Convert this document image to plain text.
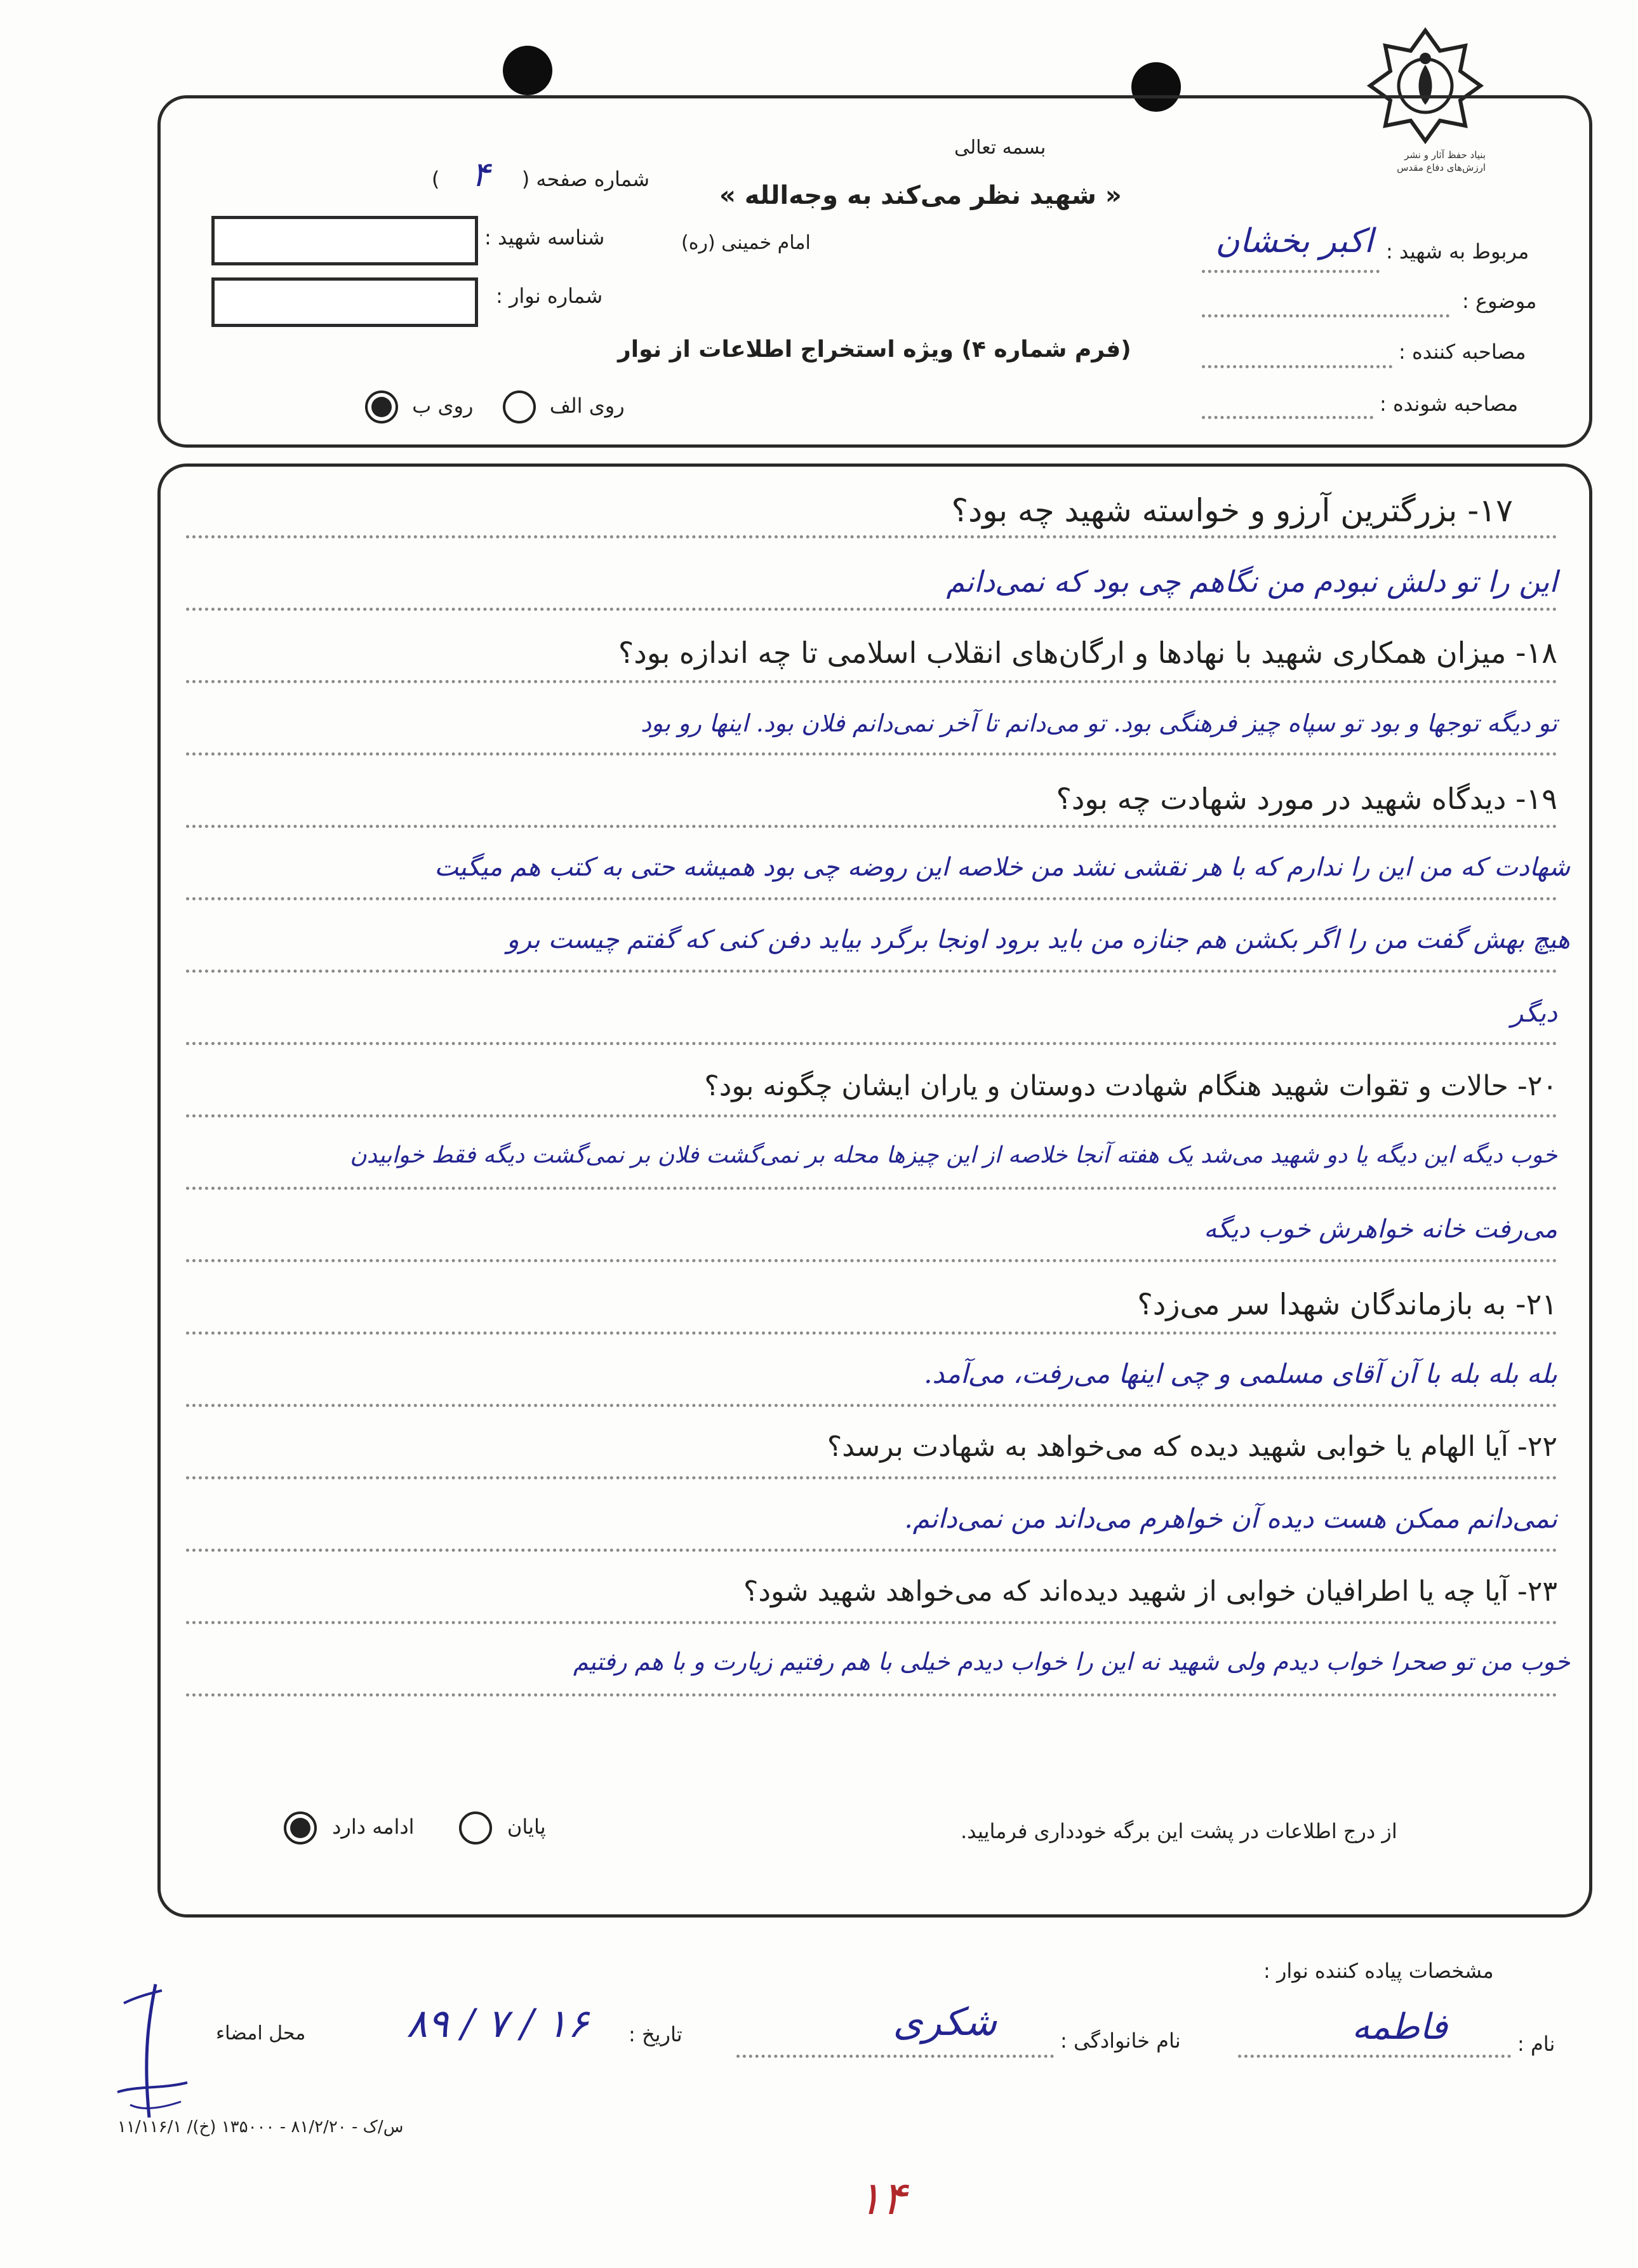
بنیاد حفظ آثار و نشر ارزش‌های دفاع مقدس
بسمه تعالی
« شهید نظر می‌کند به وجه‌الله »
امام خمینی (ره)
شماره صفحه ( ۴ )
شناسه شهید :
شماره نوار :
(فرم شماره ۴) ویژه استخراج اطلاعات از نوار
روی الف  روی ب
مربوط به شهید :
اکبر بخشان
موضوع :
مصاحبه کننده :
مصاحبه شونده :
۱۷- بزرگترین آرزو و خواسته شهید چه بود؟
این را تو دلش نبودم من نگاهم چی بود که نمی‌دانم
۱۸- میزان همکاری شهید با نهادها و ارگان‌های انقلاب اسلامی تا چه اندازه بود؟
تو دیگه توجها و بود تو سپاه چیز فرهنگی بود. تو می‌دانم تا آخر نمی‌دانم فلان بود. اینها رو بود
۱۹- دیدگاه شهید در مورد شهادت چه بود؟
شهادت که من این را ندارم که با هر نقشی نشد من خلاصه این روضه چی بود همیشه حتی به کتب هم میگیت
هیچ بهش گفت من را اگر بکشن هم جنازه من باید برود اونجا برگرد بیاید دفن کنی که گفتم چیست برو
دیگر
۲۰- حالات و تقوات شهید هنگام شهادت دوستان و یاران ایشان چگونه بود؟
خوب دیگه این دیگه یا دو شهید می‌شد یک هفته آنجا خلاصه از این چیزها محله بر نمی‌گشت فلان بر نمی‌گشت دیگه فقط خوابیدن
می‌رفت خانه خواهرش خوب دیگه
۲۱- به بازماندگان شهدا سر می‌زد؟
بله بله بله با آن آقای مسلمی و چی اینها می‌رفت، می‌آمد.
۲۲- آیا الهام یا خوابی شهید دیده که می‌خواهد به شهادت برسد؟
نمی‌دانم ممکن هست دیده آن خواهرم می‌داند من نمی‌دانم.
۲۳- آیا چه یا اطرافیان خوابی از شهید دیده‌اند که می‌خواهد شهید شود؟
خوب من تو صحرا خواب دیدم ولی شهید نه این را خواب دیدم خیلی با هم رفتیم زیارت و با هم رفتیم
از درج اطلاعات در پشت این برگه خودداری فرمایید.
پایان  ادامه دارد
مشخصات پیاده کننده نوار :
نام :
فاطمه
نام خانوادگی :
شکری
تاریخ :
۸۹ / ۷ / ۱۶
محل امضاء
۱۱/۱۱۶/۱ /س/ک - ۸۱/۲/۲۰ - ۱۳۵۰۰۰ (خ)
۱۴
